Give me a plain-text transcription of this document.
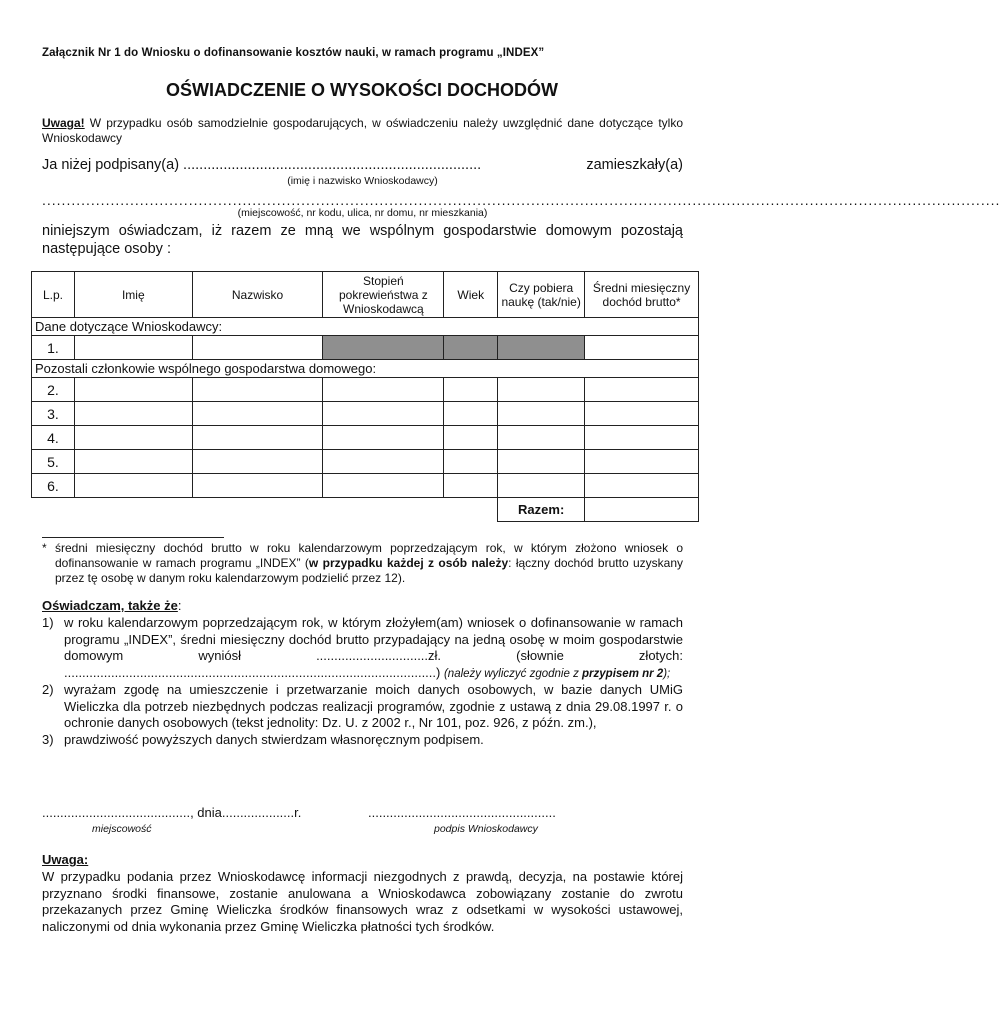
Załącznik Nr 1 do Wniosku o dofinansowanie kosztów nauki, w ramach programu „INDEX”
OŚWIADCZENIE O WYSOKOŚCI DOCHODÓW
Uwaga! W przypadku osób samodzielnie gospodarujących, w oświadczeniu należy uwzględnić dane dotyczące tylko Wnioskodawcy
Ja niżej podpisany(a) ..........................................................................	zamieszkały(a)
(imię i nazwisko Wnioskodawcy)
....................................................................................................................................................................................................
(miejscowość, nr kodu, ulica, nr domu, nr mieszkania)
niniejszym oświadczam, iż razem ze mną we wspólnym gospodarstwie domowym pozostają następujące osoby :
L.p.	Imię	Nazwisko	Stopień pokrewieństwa z Wnioskodawcą	Wiek	Czy pobiera naukę (tak/nie)	Średni miesięczny dochód brutto*
Dane dotyczące Wnioskodawcy:						
1.						
Pozostali członkowie wspólnego gospodarstwa domowego:						
2.						
3.						
4.						
5.						
6.						
					Razem:	
* średni miesięczny dochód brutto w roku kalendarzowym poprzedzającym rok, w którym złożono wniosek o dofinansowanie w ramach programu „INDEX” (w przypadku każdej z osób należy: łączny dochód brutto uzyskany przez tę osobę w danym roku kalendarzowym podzielić przez 12).
Oświadczam, także że:
1) w roku kalendarzowym poprzedzającym rok, w którym złożyłem(am) wniosek o dofinansowanie w ramach programu „INDEX”, średni miesięczny dochód brutto przypadający na jedną osobę w moim gospodarstwie domowym wyniósł ...............................zł. (słownie złotych: .......................................................................................................) (należy wyliczyć zgodnie z przypisem nr 2);
2) wyrażam zgodę na umieszczenie i przetwarzanie moich danych osobowych, w bazie danych UMiG Wieliczka dla potrzeb niezbędnych podczas realizacji programów, zgodnie z ustawą z dnia 29.08.1997 r. o ochronie danych osobowych (tekst jednolity: Dz. U. z 2002 r., Nr 101, poz. 926, z późn. zm.),
3) prawdziwość powyższych danych stwierdzam własnoręcznym podpisem.
........................................., dnia....................r.	....................................................
miejscowość	podpis Wnioskodawcy
Uwaga:
W przypadku podania przez Wnioskodawcę informacji niezgodnych z prawdą, decyzja, na postawie której przyznano środki finansowe, zostanie anulowana a Wnioskodawca zobowiązany zostanie do zwrotu przekazanych przez Gminę Wieliczka środków finansowych wraz z odsetkami w wysokości ustawowej, naliczonymi od dnia wykonania przez Gminę Wieliczka płatności tych środków.
